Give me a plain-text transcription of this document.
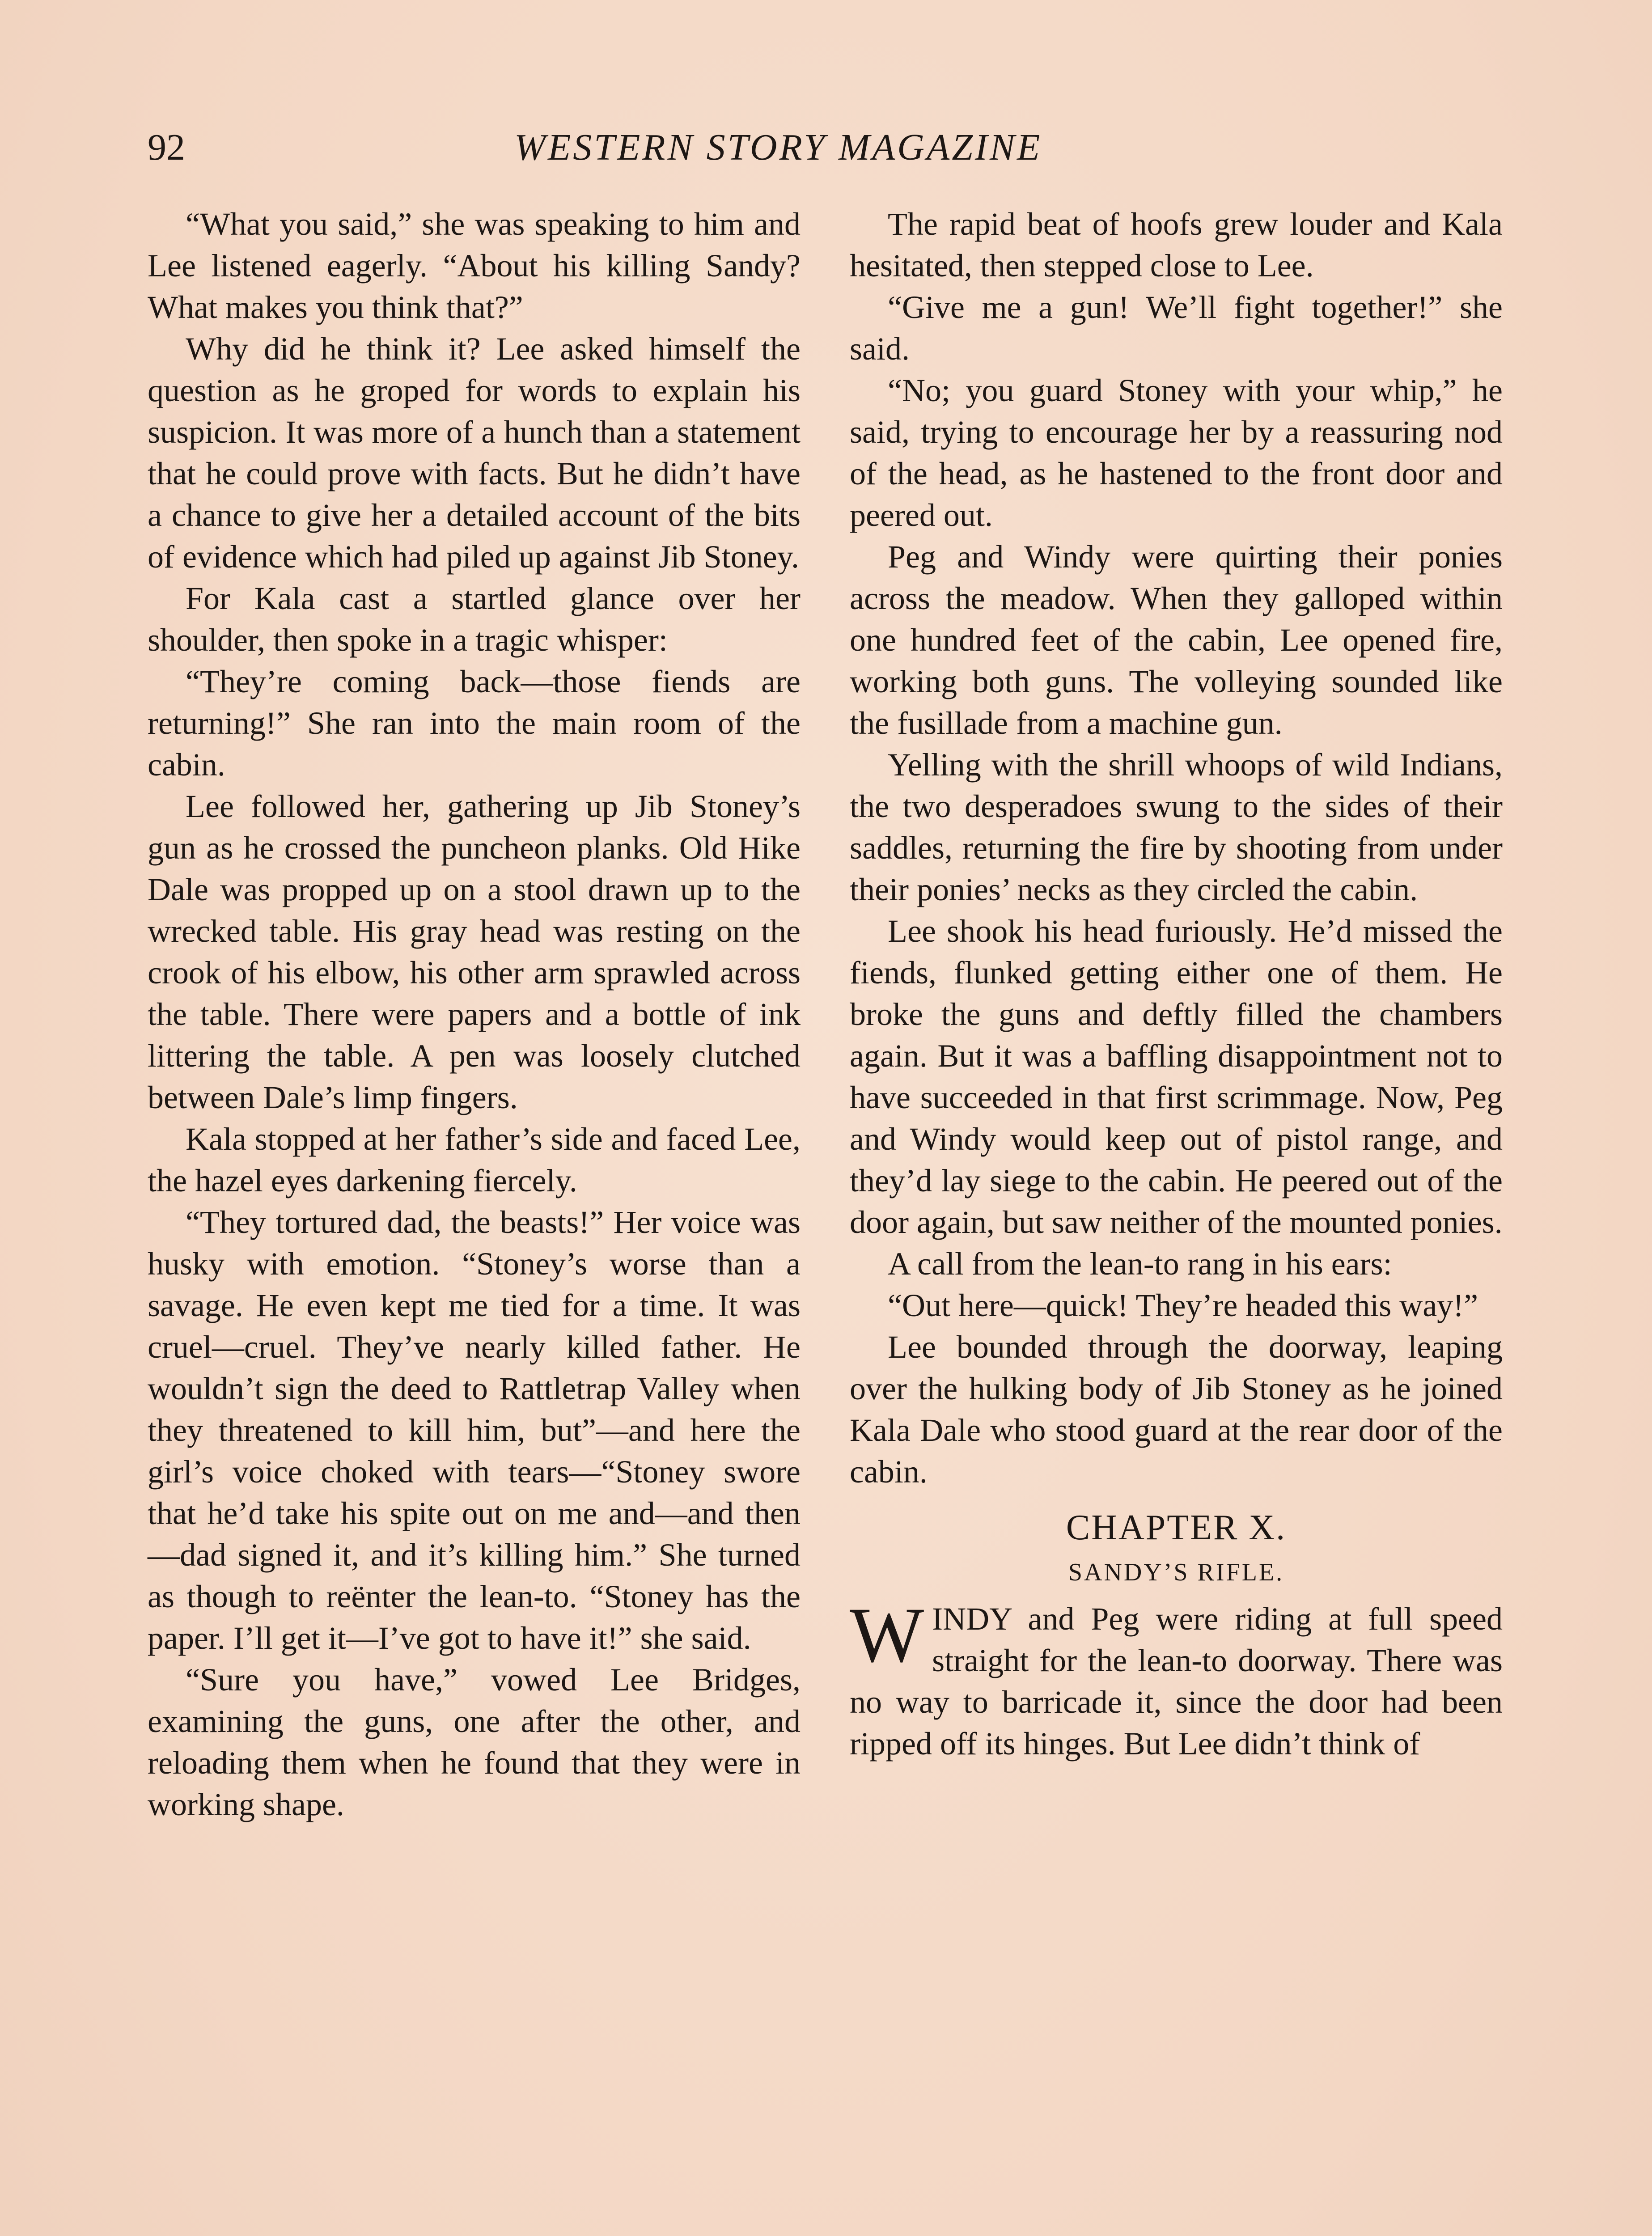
92	WESTERN STORY MAGAZINE

“What you said,” she was speaking to him and Lee listened eagerly. “About his killing Sandy? What makes you think that?”

Why did he think it? Lee asked himself the question as he groped for words to explain his suspicion. It was more of a hunch than a statement that he could prove with facts. But he didn’t have a chance to give her a detailed account of the bits of evidence which had piled up against Jib Stoney.

For Kala cast a startled glance over her shoulder, then spoke in a tragic whisper:

“They’re coming back—those fiends are returning!” She ran into the main room of the cabin.

Lee followed her, gathering up Jib Stoney’s gun as he crossed the puncheon planks. Old Hike Dale was propped up on a stool drawn up to the wrecked table. His gray head was resting on the crook of his elbow, his other arm sprawled across the table. There were papers and a bottle of ink littering the table. A pen was loosely clutched between Dale’s limp fingers.

Kala stopped at her father’s side and faced Lee, the hazel eyes darkening fiercely.

“They tortured dad, the beasts!” Her voice was husky with emotion. “Stoney’s worse than a savage. He even kept me tied for a time. It was cruel—cruel. They’ve nearly killed father. He wouldn’t sign the deed to Rattletrap Valley when they threatened to kill him, but”—and here the girl’s voice choked with tears—“Stoney swore that he’d take his spite out on me and—and then—dad signed it, and it’s killing him.” She turned as though to reënter the lean-to. “Stoney has the paper. I’ll get it—I’ve got to have it!” she said.

“Sure you have,” vowed Lee Bridges, examining the guns, one after the other, and reloading them when he found that they were in working shape.

The rapid beat of hoofs grew louder and Kala hesitated, then stepped close to Lee.

“Give me a gun! We’ll fight together!” she said.

“No; you guard Stoney with your whip,” he said, trying to encourage her by a reassuring nod of the head, as he hastened to the front door and peered out.

Peg and Windy were quirting their ponies across the meadow. When they galloped within one hundred feet of the cabin, Lee opened fire, working both guns. The volleying sounded like the fusillade from a machine gun.

Yelling with the shrill whoops of wild Indians, the two desperadoes swung to the sides of their saddles, returning the fire by shooting from under their ponies’ necks as they circled the cabin.

Lee shook his head furiously. He’d missed the fiends, flunked getting either one of them. He broke the guns and deftly filled the chambers again. But it was a baffling disappointment not to have succeeded in that first scrimmage. Now, Peg and Windy would keep out of pistol range, and they’d lay siege to the cabin. He peered out of the door again, but saw neither of the mounted ponies.

A call from the lean-to rang in his ears:

“Out here—quick! They’re headed this way!”

Lee bounded through the doorway, leaping over the hulking body of Jib Stoney as he joined Kala Dale who stood guard at the rear door of the cabin.

CHAPTER X.
SANDY’S RIFLE.

WINDY and Peg were riding at full speed straight for the lean-to doorway. There was no way to barricade it, since the door had been ripped off its hinges. But Lee didn’t think of
